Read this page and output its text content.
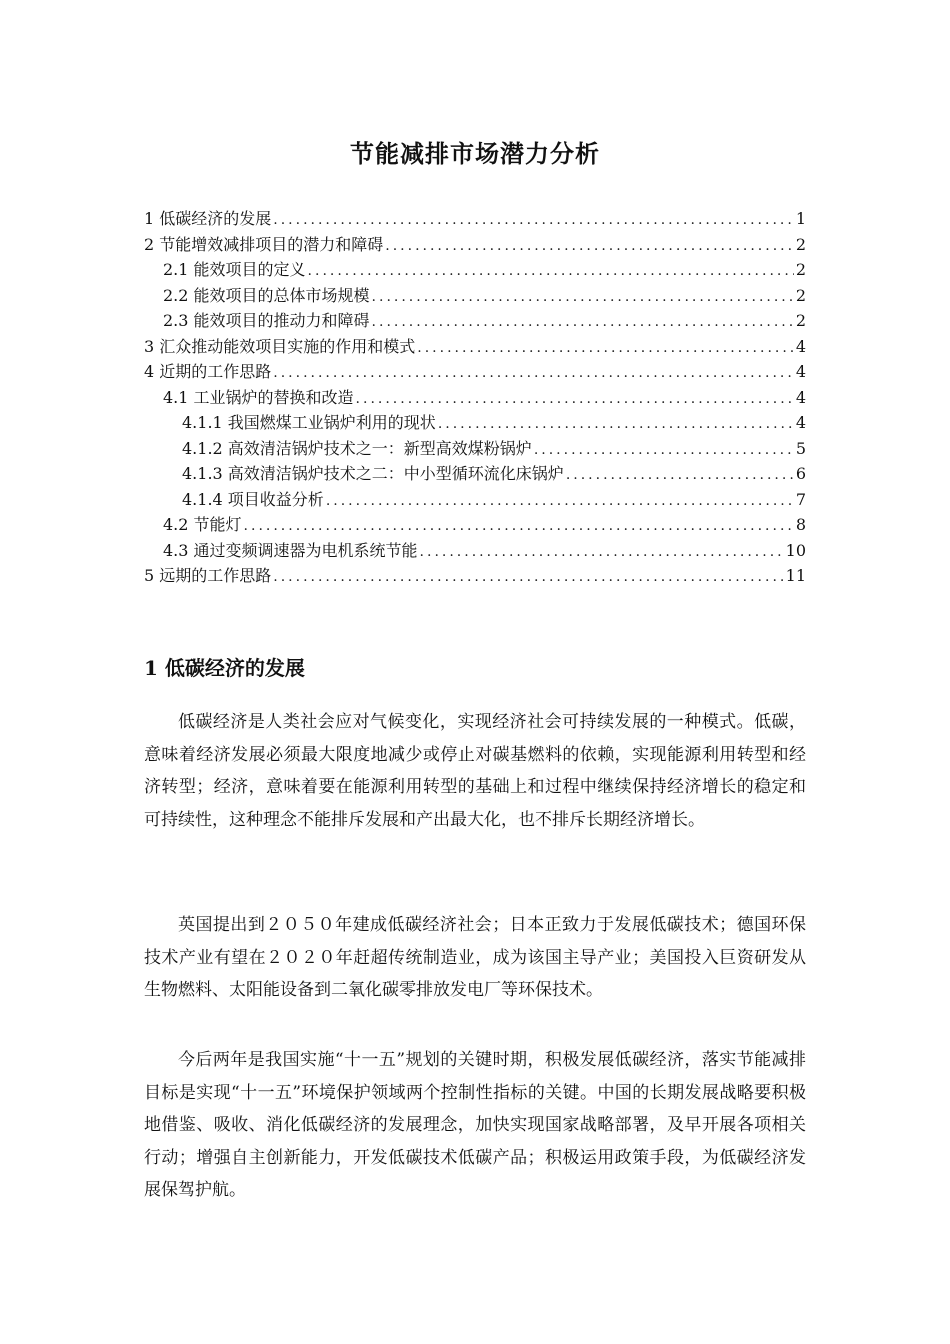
节能减排市场潜力分析
1 低碳经济的发展 .....	1
2 节能增效减排项目的潜力和障碍 .....	2
2.1 能效项目的定义 .....	2
2.2 能效项目的总体市场规模 .....	2
2.3 能效项目的推动力和障碍 .....	2
3 汇众推动能效项目实施的作用和模式 .....	4
4 近期的工作思路 .....	4
4.1 工业锅炉的替换和改造 .....	4
4.1.1 我国燃煤工业锅炉利用的现状 .....	4
4.1.2 高效清洁锅炉技术之一：新型高效煤粉锅炉 .....	5
4.1.3 高效清洁锅炉技术之二：中小型循环流化床锅炉 .....	6
4.1.4 项目收益分析 .....	7
4.2 节能灯 .....	8
4.3 通过变频调速器为电机系统节能 .....	10
5 远期的工作思路 .....	11
1 低碳经济的发展

低碳经济是人类社会应对气候变化，实现经济社会可持续发展的一种模式。低碳，意味着经济发展必须最大限度地减少或停止对碳基燃料的依赖，实现能源利用转型和经济转型；经济，意味着要在能源利用转型的基础上和过程中继续保持经济增长的稳定和可持续性，这种理念不能排斥发展和产出最大化，也不排斥长期经济增长。

英国提出到２０５０年建成低碳经济社会；日本正致力于发展低碳技术；德国环保技术产业有望在２０２０年赶超传统制造业，成为该国主导产业；美国投入巨资研发从生物燃料、太阳能设备到二氧化碳零排放发电厂等环保技术。

今后两年是我国实施“十一五”规划的关键时期，积极发展低碳经济，落实节能减排目标是实现“十一五”环境保护领域两个控制性指标的关键。中国的长期发展战略要积极地借鉴、吸收、消化低碳经济的发展理念，加快实现国家战略部署，及早开展各项相关行动；增强自主创新能力，开发低碳技术低碳产品；积极运用政策手段，为低碳经济发展保驾护航。
